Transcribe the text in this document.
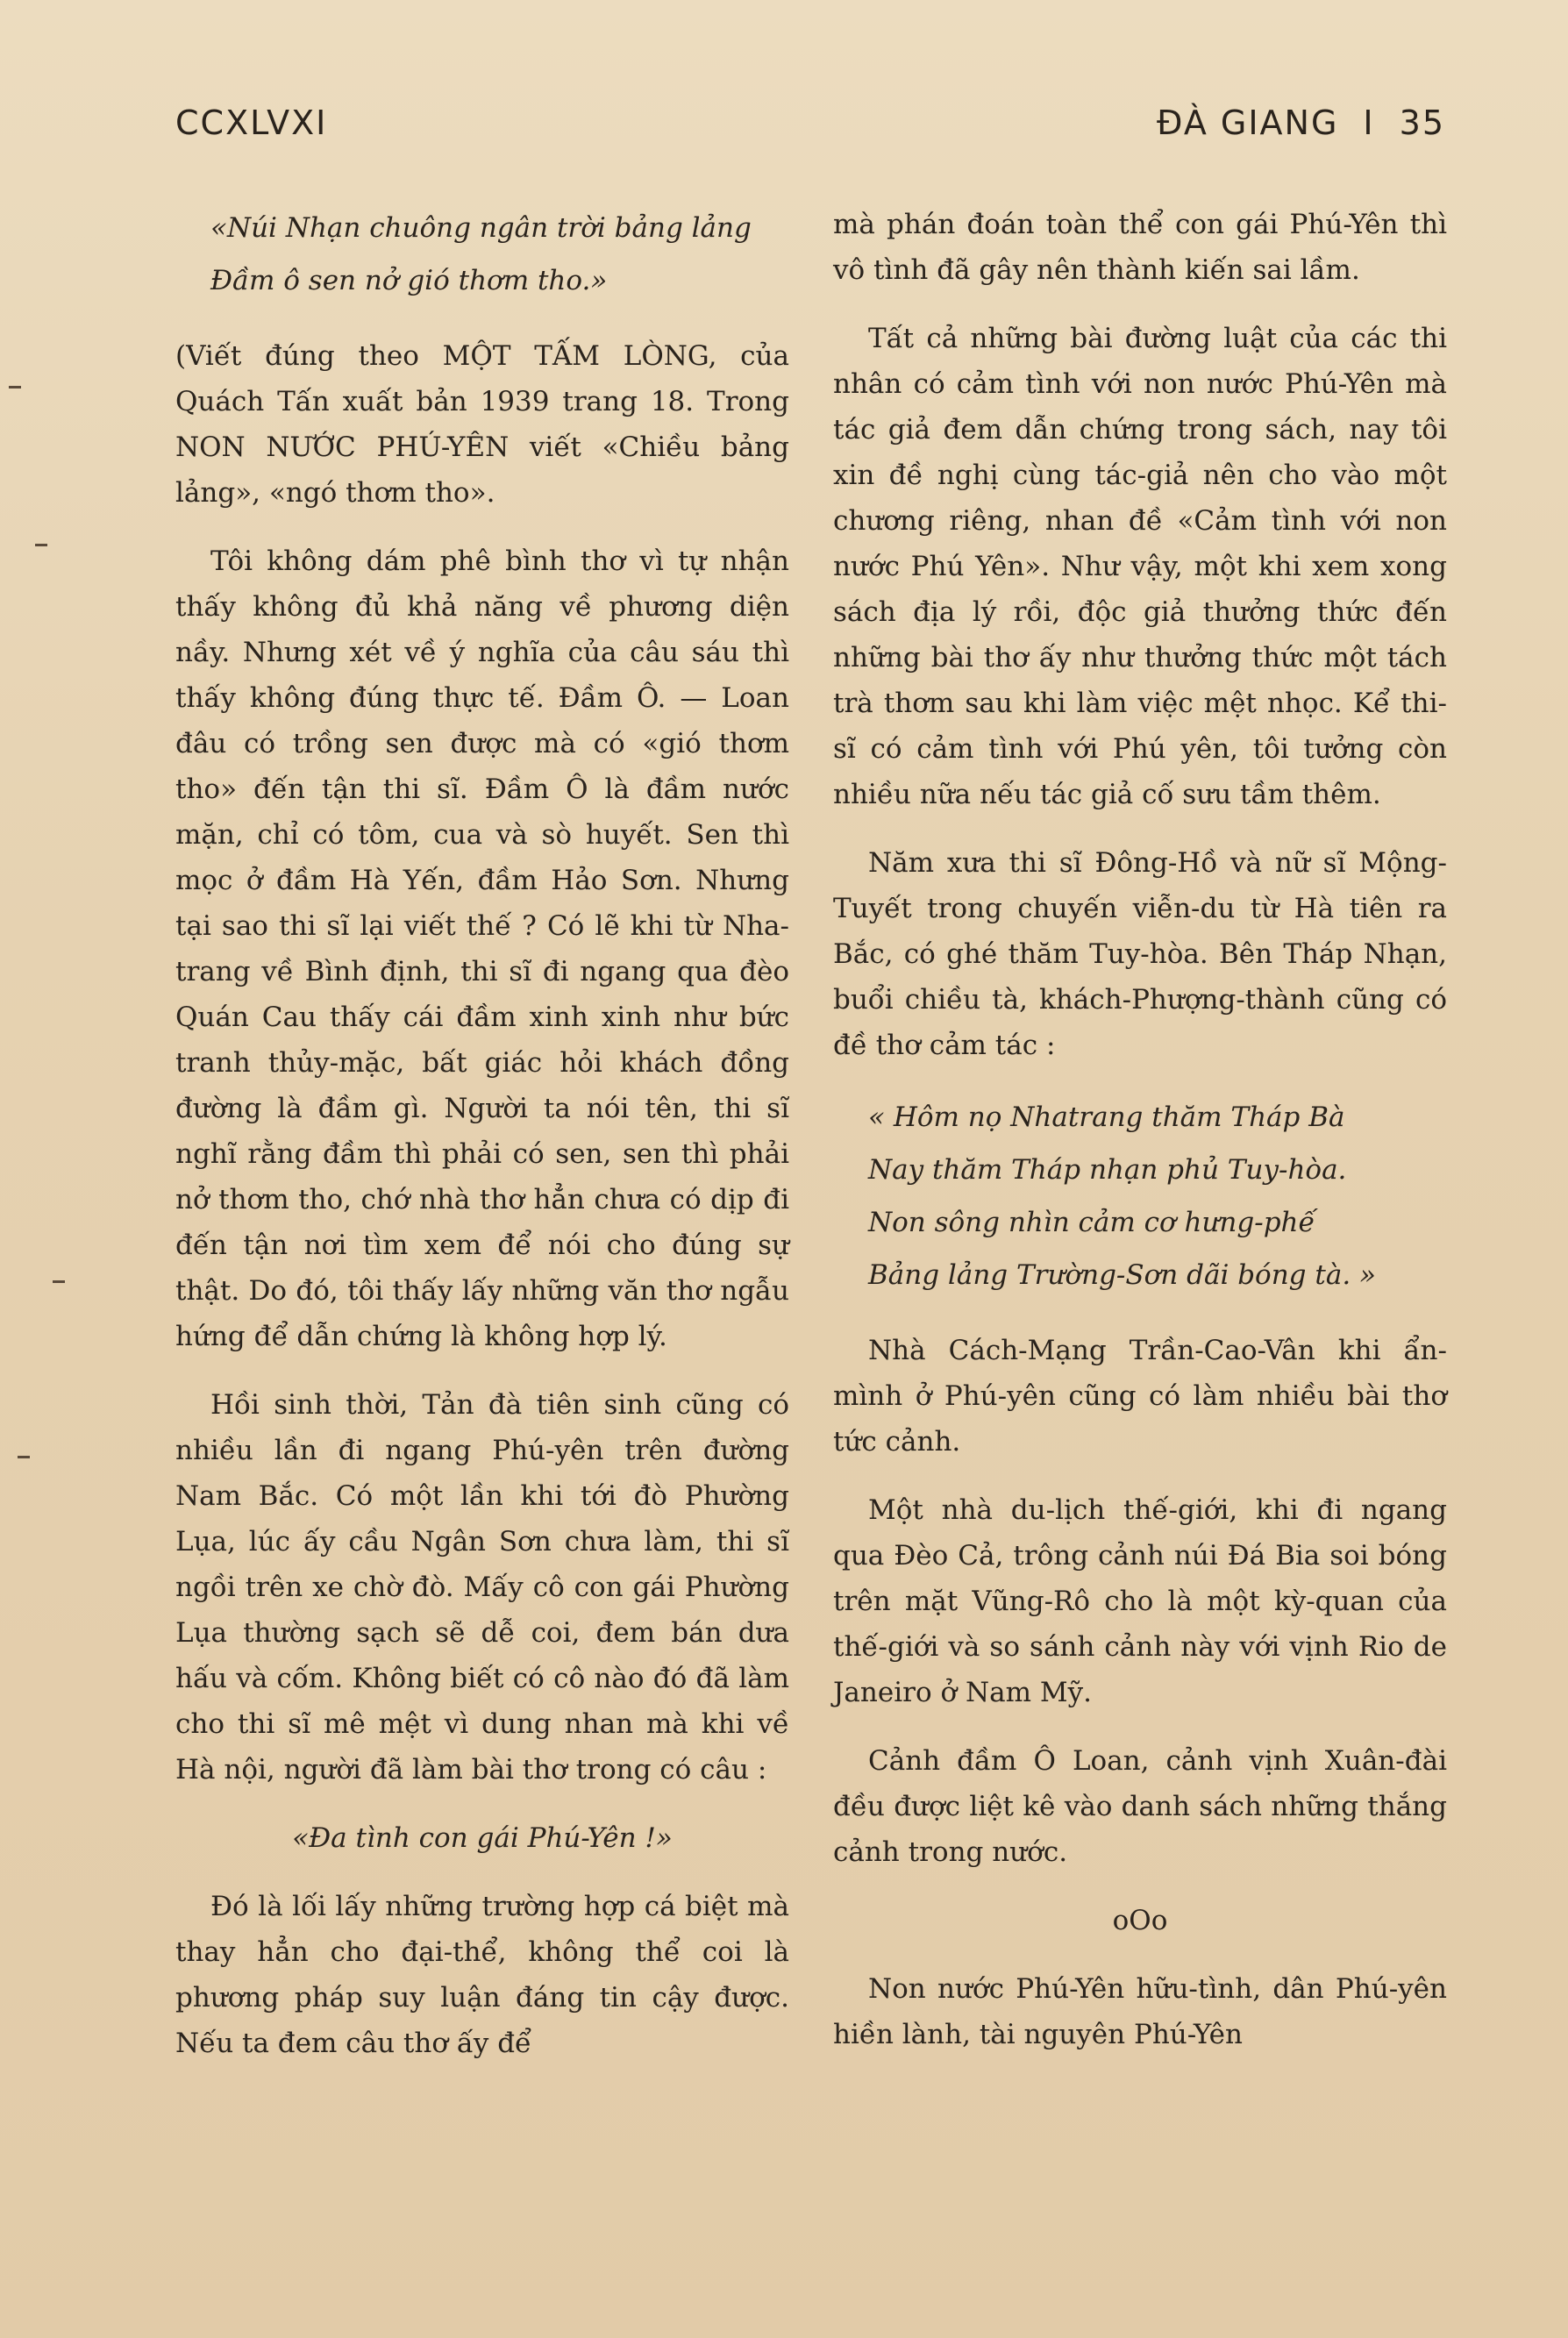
CCXLVXI	ĐÀ GIANG I 35
«Núi Nhạn chuông ngân trời bảng lảng
Đầm ô sen nở gió thơm tho.»

(Viết đúng theo MỘT TẤM LÒNG, của Quách Tấn xuất bản 1939 trang 18. Trong NON NƯỚC PHÚ-YÊN viết «Chiều bảng lảng», «ngó thơm tho».

Tôi không dám phê bình thơ vì tự nhận thấy không đủ khả năng về phương diện nầy. Nhưng xét về ý nghĩa của câu sáu thì thấy không đúng thực tế. Đầm Ô. — Loan đâu có trồng sen được mà có «gió thơm tho» đến tận thi sĩ. Đầm Ô là đầm nước mặn, chỉ có tôm, cua và sò huyết. Sen thì mọc ở đầm Hà Yến, đầm Hảo Sơn. Nhưng tại sao thi sĩ lại viết thế ? Có lẽ khi từ Nha-trang về Bình định, thi sĩ đi ngang qua đèo Quán Cau thấy cái đầm xinh xinh như bức tranh thủy-mặc, bất giác hỏi khách đồng đường là đầm gì. Người ta nói tên, thi sĩ nghĩ rằng đầm thì phải có sen, sen thì phải nở thơm tho, chớ nhà thơ hẳn chưa có dịp đi đến tận nơi tìm xem để nói cho đúng sự thật. Do đó, tôi thấy lấy những văn thơ ngẫu hứng để dẫn chứng là không hợp lý.

Hồi sinh thời, Tản đà tiên sinh cũng có nhiều lần đi ngang Phú-yên trên đường Nam Bắc. Có một lần khi tới đò Phường Lụa, lúc ấy cầu Ngân Sơn chưa làm, thi sĩ ngồi trên xe chờ đò. Mấy cô con gái Phường Lụa thường sạch sẽ dễ coi, đem bán dưa hấu và cốm. Không biết có cô nào đó đã làm cho thi sĩ mê mệt vì dung nhan mà khi về Hà nội, người đã làm bài thơ trong có câu :

«Đa tình con gái Phú-Yên !»

Đó là lối lấy những trường hợp cá biệt mà thay hẳn cho đại-thể, không thể coi là phương pháp suy luận đáng tin cậy được. Nếu ta đem câu thơ ấy để

mà phán đoán toàn thể con gái Phú-Yên thì vô tình đã gây nên thành kiến sai lầm.

Tất cả những bài đường luật của các thi nhân có cảm tình với non nước Phú-Yên mà tác giả đem dẫn chứng trong sách, nay tôi xin đề nghị cùng tác-giả nên cho vào một chương riêng, nhan đề «Cảm tình với non nước Phú Yên». Như vậy, một khi xem xong sách địa lý rồi, độc giả thưởng thức đến những bài thơ ấy như thưởng thức một tách trà thơm sau khi làm việc mệt nhọc. Kể thi-sĩ có cảm tình với Phú yên, tôi tưởng còn nhiều nữa nếu tác giả cố sưu tầm thêm.

Năm xưa thi sĩ Đông-Hồ và nữ sĩ Mộng- Tuyết trong chuyến viễn-du từ Hà tiên ra Bắc, có ghé thăm Tuy-hòa. Bên Tháp Nhạn, buổi chiều tà, khách-Phượng-thành cũng có đề thơ cảm tác :

« Hôm nọ Nhatrang thăm Tháp Bà
Nay thăm Tháp nhạn phủ Tuy-hòa.
Non sông nhìn cảm cơ hưng-phế
Bảng lảng Trường-Sơn dãi bóng tà. »

Nhà Cách-Mạng Trần-Cao-Vân khi ẩn-mình ở Phú-yên cũng có làm nhiều bài thơ tức cảnh.

Một nhà du-lịch thế-giới, khi đi ngang qua Đèo Cả, trông cảnh núi Đá Bia soi bóng trên mặt Vũng-Rô cho là một kỳ-quan của thế-giới và so sánh cảnh này với vịnh Rio de Janeiro ở Nam Mỹ.

Cảnh đầm Ô Loan, cảnh vịnh Xuân-đài đều được liệt kê vào danh sách những thắng cảnh trong nước.

oOo

Non nước Phú-Yên hữu-tình, dân Phú-yên hiền lành, tài nguyên Phú-Yên
